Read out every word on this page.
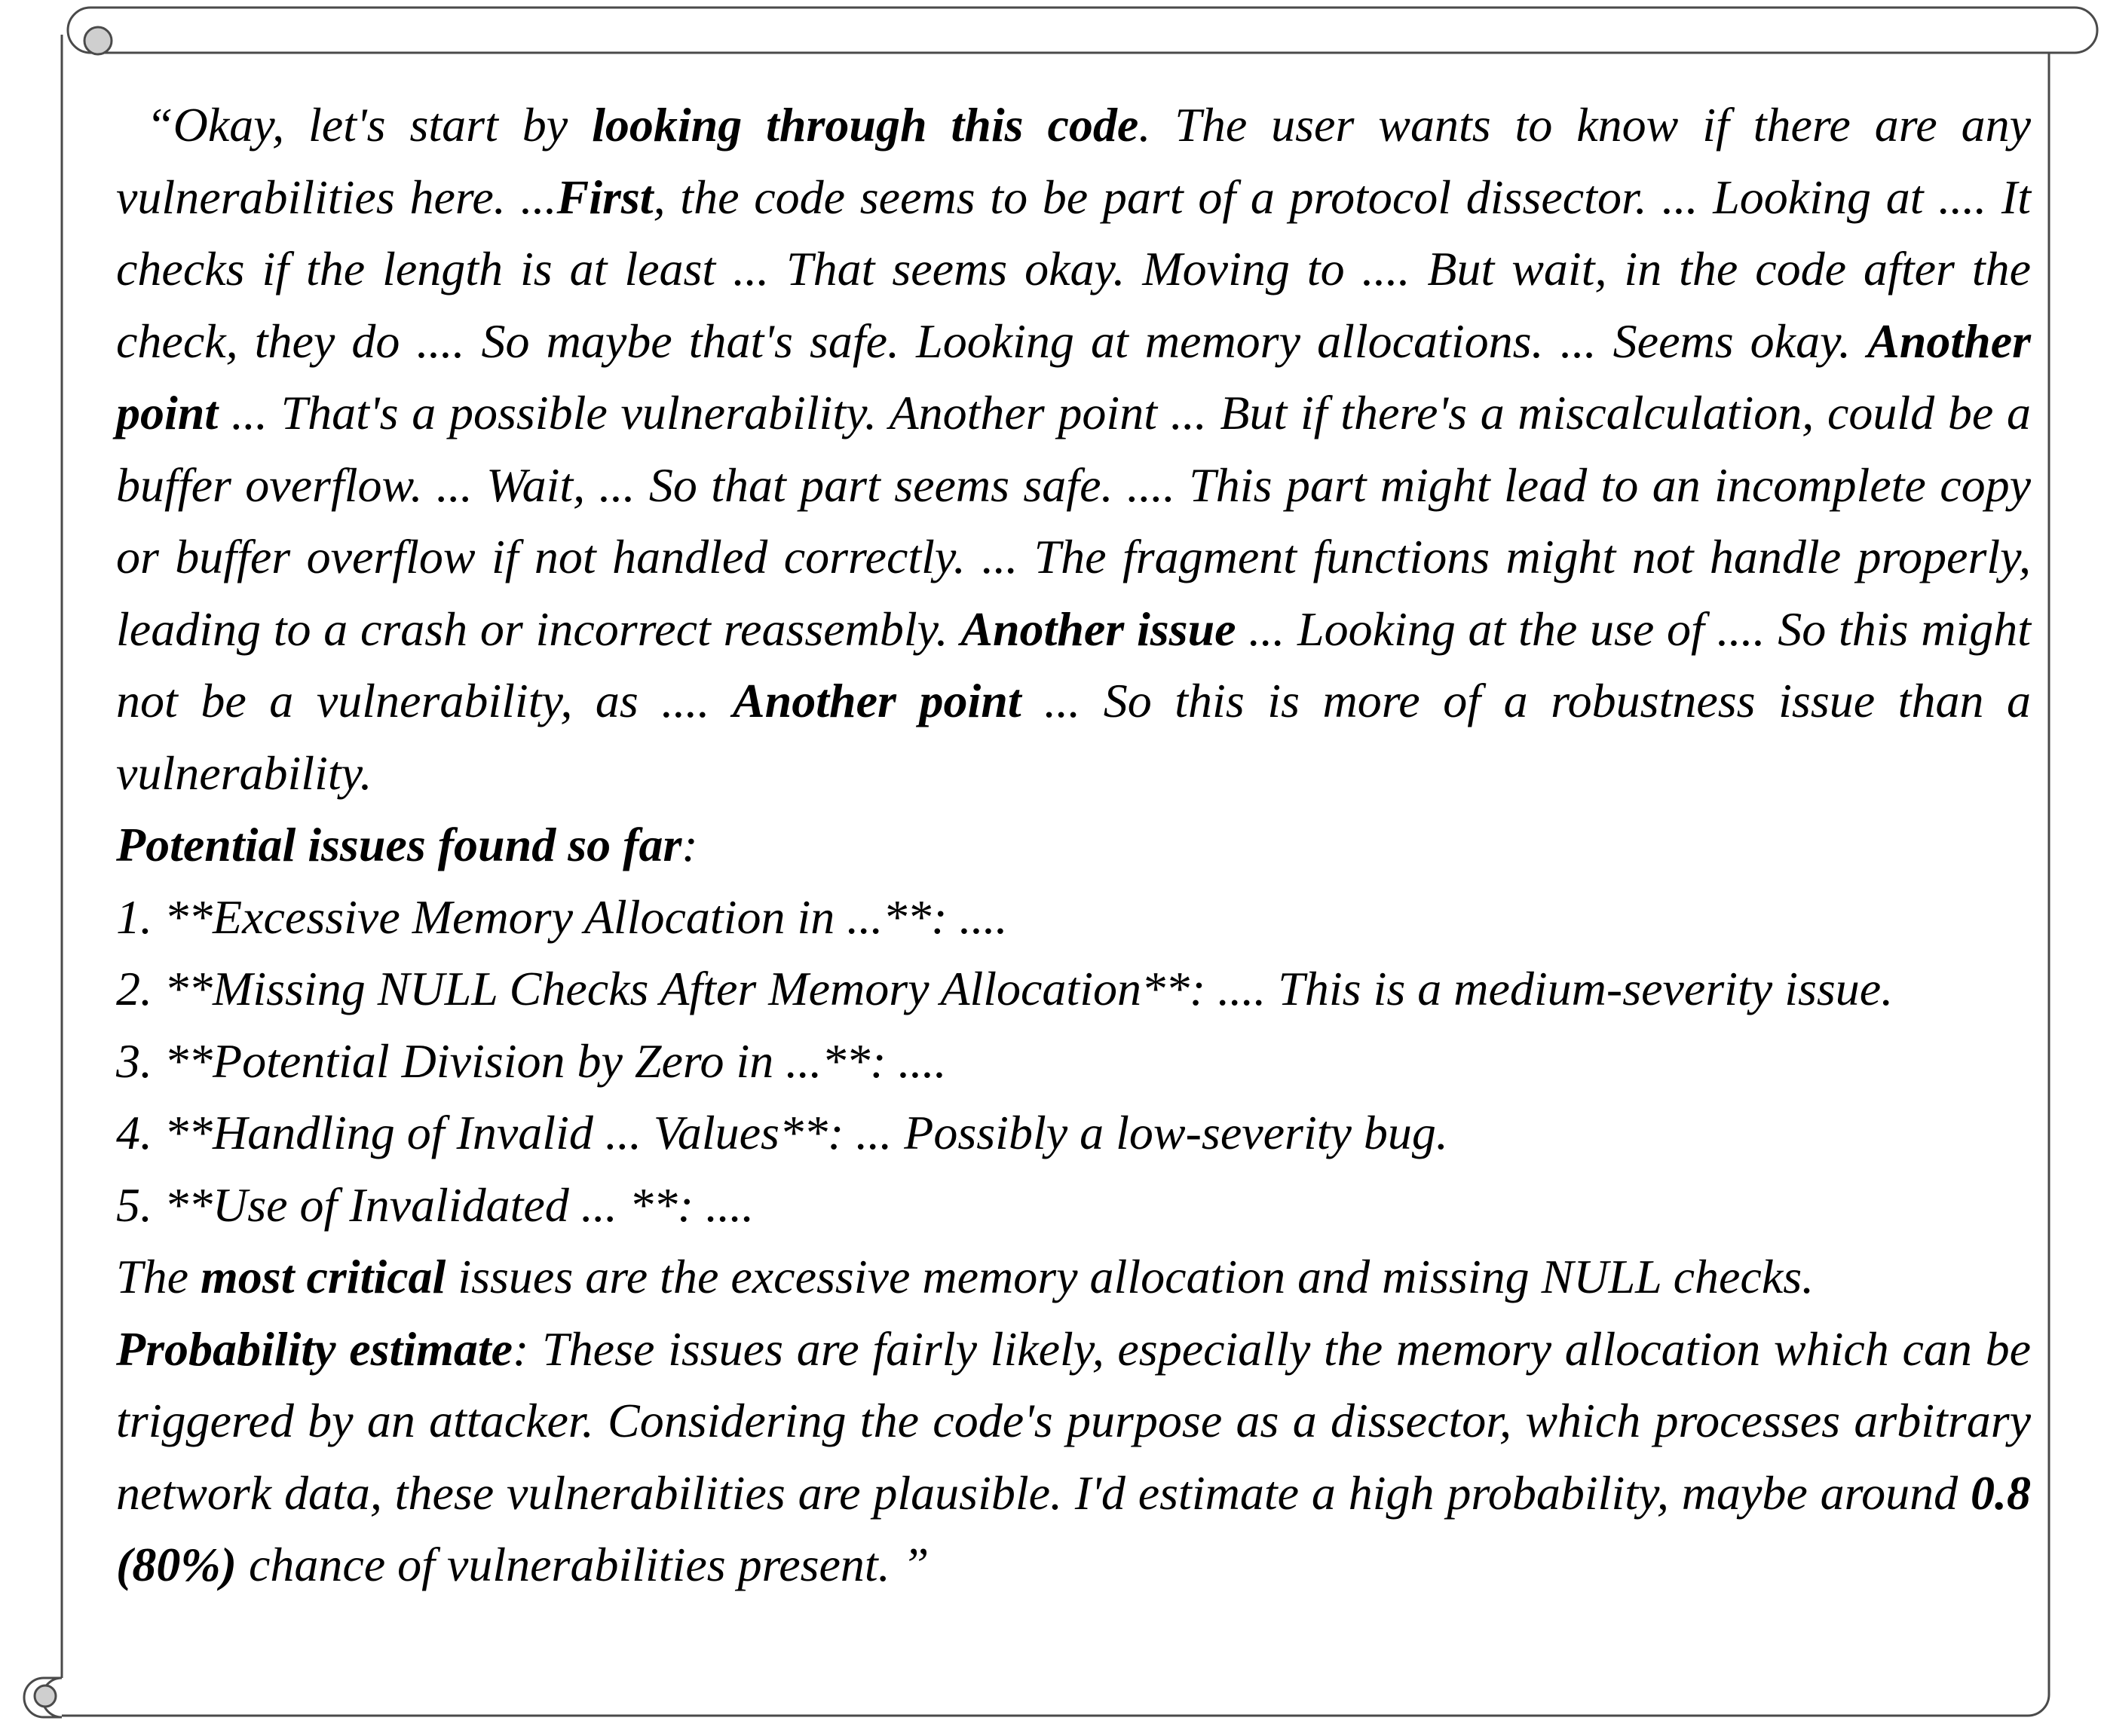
“Okay, let's start by looking through this code. The user wants to know if there are any vulnerabilities here. ...First, the code seems to be part of a protocol dissector. ... Looking at .... It checks if the length is at least ... That seems okay. Moving to .... But wait, in the code after the check, they do .... So maybe that's safe. Looking at memory allocations. ... Seems okay. Another point ... That's a possible vulnerability. Another point ... But if there's a miscalculation, could be a buffer overflow. ... Wait, ... So that part seems safe. .... This part might lead to an incomplete copy or buffer overflow if not handled correctly. ... The fragment functions might not handle properly, leading to a crash or incorrect reassembly. Another issue ... Looking at the use of .... So this might not be a vulnerability, as .... Another point ... So this is more of a robustness issue than a vulnerability.

Potential issues found so far:

1. **Excessive Memory Allocation in ...**: ....

2. **Missing NULL Checks After Memory Allocation**: .... This is a medium-severity issue.

3. **Potential Division by Zero in ...**: ....

4. **Handling of Invalid ... Values**: ... Possibly a low-severity bug.

5. **Use of Invalidated ... **: ....

The most critical issues are the excessive memory allocation and missing NULL checks.

Probability estimate: These issues are fairly likely, especially the memory allocation which can be triggered by an attacker. Considering the code's purpose as a dissector, which processes arbitrary network data, these vulnerabilities are plausible. I'd estimate a high probability, maybe around 0.8 (80%) chance of vulnerabilities present. ”
